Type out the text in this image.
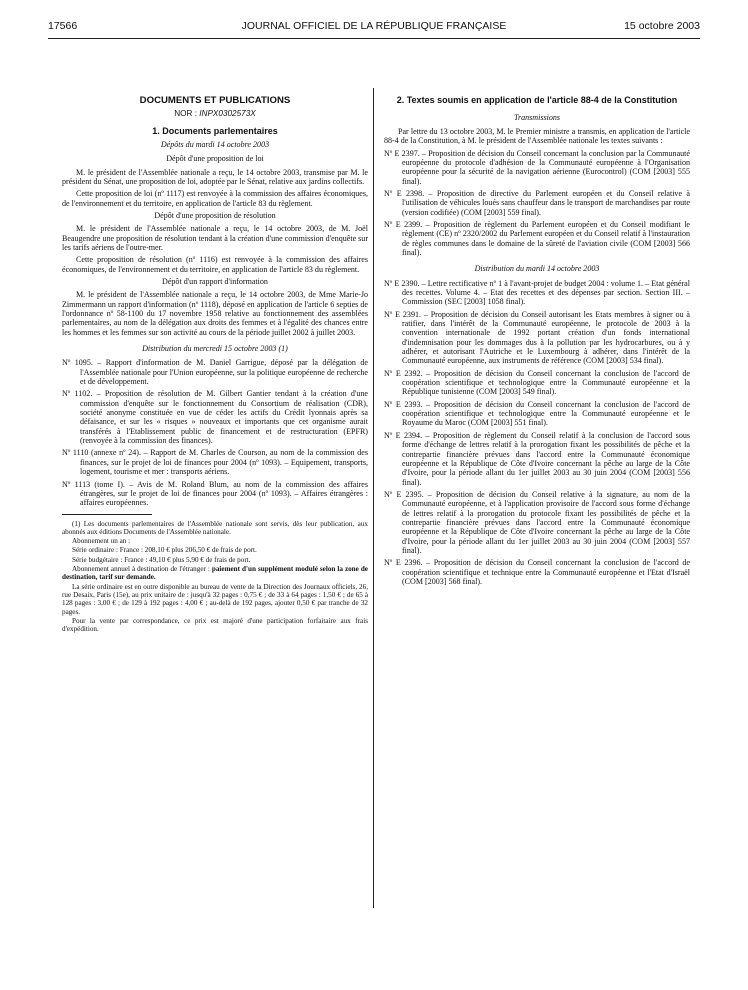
17566	JOURNAL OFFICIEL DE LA RÉPUBLIQUE FRANÇAISE	15 octobre 2003
DOCUMENTS ET PUBLICATIONS
NOR : INPX0302573X
1. Documents parlementaires
Dépôts du mardi 14 octobre 2003
Dépôt d'une proposition de loi

M. le président de l'Assemblée nationale a reçu, le 14 octobre 2003, transmise par M. le président du Sénat, une proposition de loi, adoptée par le Sénat, relative aux jardins collectifs.

Cette proposition de loi (nº 1117) est renvoyée à la commission des affaires économiques, de l'environnement et du territoire, en application de l'article 83 du règlement.

Dépôt d'une proposition de résolution

M. le président de l'Assemblée nationale a reçu, le 14 octobre 2003, de M. Joël Beaugendre une proposition de résolution tendant à la création d'une commission d'enquête sur les tarifs aériens de l'outre-mer.

Cette proposition de résolution (nº 1116) est renvoyée à la commission des affaires économiques, de l'environnement et du territoire, en application de l'article 83 du règlement.

Dépôt d'un rapport d'information

M. le président de l'Assemblée nationale a reçu, le 14 octobre 2003, de Mme Marie-Jo Zimmermann un rapport d'information (nº 1118), déposé en application de l'article 6 septies de l'ordonnance nº 58-1100 du 17 novembre 1958 relative au fonctionnement des assemblées parlementaires, au nom de la délégation aux droits des femmes et à l'égalité des chances entre les hommes et les femmes sur son activité au cours de la période juillet 2002 à juillet 2003.

Distribution du mercredi 15 octobre 2003 (1)
Nº 1095. – Rapport d'information de M. Daniel Garrigue, déposé par la délégation de l'Assemblée nationale pour l'Union européenne, sur la politique européenne de recherche et de développement.
Nº 1102. – Proposition de résolution de M. Gilbert Gantier tendant à la création d'une commission d'enquête sur le fonctionnement du Consortium de réalisation (CDR), société anonyme constituée en vue de céder les actifs du Crédit lyonnais après sa défaisance, et sur les « risques » nouveaux et importants que cet organisme aurait transférés à l'Etablissement public de financement et de restructuration (EPFR) (renvoyée à la commission des finances).
Nº 1110 (annexe nº 24). – Rapport de M. Charles de Courson, au nom de la commission des finances, sur le projet de loi de finances pour 2004 (nº 1093). – Equipement, transports, logement, tourisme et mer : transports aériens.
Nº 1113 (tome I). – Avis de M. Roland Blum, au nom de la commission des affaires étrangères, sur le projet de loi de finances pour 2004 (nº 1093). – Affaires étrangères : affaires européennes.

(1) Les documents parlementaires de l'Assemblée nationale sont servis, dès leur publication, aux abonnés aux éditions Documents de l'Assemblée nationale.

Abonnement un an :

Série ordinaire : France : 208,10 € plus 206,50 € de frais de port.

Série budgétaire : France : 49,10 € plus 5,90 € de frais de port.

Abonnement annuel à destination de l'étranger : paiement d'un supplément modulé selon la zone de destination, tarif sur demande.

La série ordinaire est en outre disponible au bureau de vente de la Direction des Journaux officiels, 26, rue Desaix, Paris (15e), au prix unitaire de : jusqu'à 32 pages : 0,75 € ; de 33 à 64 pages : 1,50 € ; de 65 à 128 pages : 3,00 € ; de 129 à 192 pages : 4,00 € ; au-delà de 192 pages, ajouter 0,50 € par tranche de 32 pages.

Pour la vente par correspondance, ce prix est majoré d'une participation forfaitaire aux frais d'expédition.

2. Textes soumis en application de l'article 88-4 de la Constitution
Transmissions

Par lettre du 13 octobre 2003, M. le Premier ministre a transmis, en application de l'article 88-4 de la Constitution, à M. le président de l'Assemblée nationale les textes suivants :

Nº E 2397. – Proposition de décision du Conseil concernant la conclusion par la Communauté européenne du protocole d'adhésion de la Communauté européenne à l'Organisation européenne pour la sécurité de la navigation aérienne (Eurocontrol) (COM [2003] 555 final).
Nº E 2398. – Proposition de directive du Parlement européen et du Conseil relative à l'utilisation de véhicules loués sans chauffeur dans le transport de marchandises par route (version codifiée) (COM [2003] 559 final).
Nº E 2399. – Proposition de règlement du Parlement européen et du Conseil modifiant le règlement (CE) nº 2320/2002 du Parlement européen et du Conseil relatif à l'instauration de règles communes dans le domaine de la sûreté de l'aviation civile (COM [2003] 566 final).
Distribution du mardi 14 octobre 2003
Nº E 2390. – Lettre rectificative nº 1 à l'avant-projet de budget 2004 : volume 1. – Etat général des recettes. Volume 4. – Etat des recettes et des dépenses par section. Section III. – Commission (SEC [2003] 1058 final).
Nº E 2391. – Proposition de décision du Conseil autorisant les Etats membres à signer ou à ratifier, dans l'intérêt de la Communauté européenne, le protocole de 2003 à la convention internationale de 1992 portant création d'un fonds international d'indemnisation pour les dommages dus à la pollution par les hydrocarbures, ou à y adhérer, et autorisant l'Autriche et le Luxembourg à adhérer, dans l'intérêt de la Communauté européenne, aux instruments de référence (COM [2003] 534 final).
Nº E 2392. – Proposition de décision du Conseil concernant la conclusion de l'accord de coopération scientifique et technologique entre la Communauté européenne et la République tunisienne (COM [2003] 549 final).
Nº E 2393. – Proposition de décision du Conseil concernant la conclusion de l'accord de coopération scientifique et technologique entre la Communauté européenne et le Royaume du Maroc (COM [2003] 551 final).
Nº E 2394. – Proposition de règlement du Conseil relatif à la conclusion de l'accord sous forme d'échange de lettres relatif à la prorogation fixant les possibilités de pêche et la contrepartie financière prévues dans l'accord entre la Communauté économique européenne et la République de Côte d'Ivoire concernant la pêche au large de la Côte d'Ivoire, pour la période allant du 1er juillet 2003 au 30 juin 2004 (COM [2003] 556 final).
Nº E 2395. – Proposition de décision du Conseil relative à la signature, au nom de la Communauté européenne, et à l'application provisoire de l'accord sous forme d'échange de lettres relatif à la prorogation du protocole fixant les possibilités de pêche et la contrepartie financière prévues dans l'accord entre la Communauté économique européenne et la République de Côte d'Ivoire concernant la pêche au large de la Côte d'Ivoire, pour la période allant du 1er juillet 2003 au 30 juin 2004 (COM [2003] 557 final).
Nº E 2396. – Proposition de décision du Conseil concernant la conclusion de l'accord de coopération scientifique et technique entre la Communauté européenne et l'Etat d'Israël (COM [2003] 568 final).
